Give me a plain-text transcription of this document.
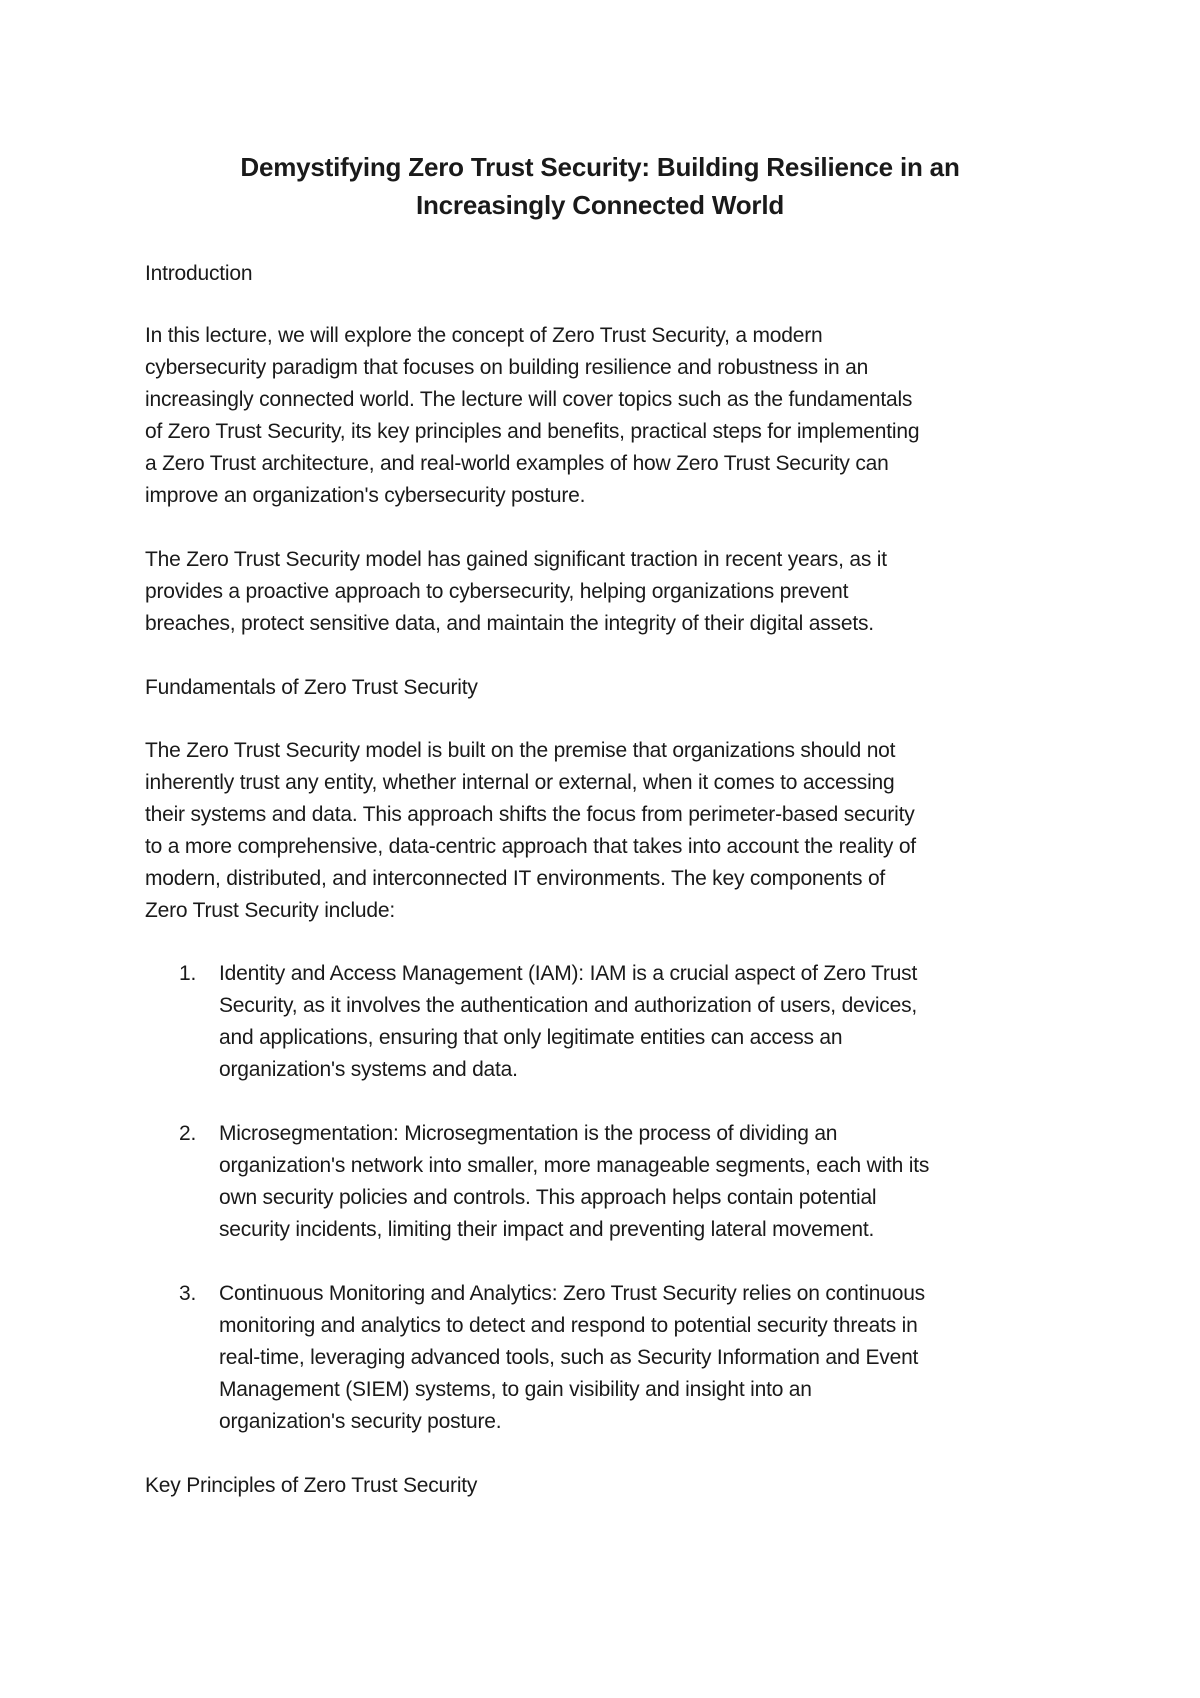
Demystifying Zero Trust Security: Building Resilience in an
Increasingly Connected World
Introduction
In this lecture, we will explore the concept of Zero Trust Security, a modern
cybersecurity paradigm that focuses on building resilience and robustness in an
increasingly connected world. The lecture will cover topics such as the fundamentals
of Zero Trust Security, its key principles and benefits, practical steps for implementing
a Zero Trust architecture, and real-world examples of how Zero Trust Security can
improve an organization's cybersecurity posture.
The Zero Trust Security model has gained significant traction in recent years, as it
provides a proactive approach to cybersecurity, helping organizations prevent
breaches, protect sensitive data, and maintain the integrity of their digital assets.
Fundamentals of Zero Trust Security
The Zero Trust Security model is built on the premise that organizations should not
inherently trust any entity, whether internal or external, when it comes to accessing
their systems and data. This approach shifts the focus from perimeter-based security
to a more comprehensive, data-centric approach that takes into account the reality of
modern, distributed, and interconnected IT environments. The key components of
Zero Trust Security include:
1. Identity and Access Management (IAM): IAM is a crucial aspect of Zero Trust
Security, as it involves the authentication and authorization of users, devices,
and applications, ensuring that only legitimate entities can access an
organization's systems and data.
2. Microsegmentation: Microsegmentation is the process of dividing an
organization's network into smaller, more manageable segments, each with its
own security policies and controls. This approach helps contain potential
security incidents, limiting their impact and preventing lateral movement.
3. Continuous Monitoring and Analytics: Zero Trust Security relies on continuous
monitoring and analytics to detect and respond to potential security threats in
real-time, leveraging advanced tools, such as Security Information and Event
Management (SIEM) systems, to gain visibility and insight into an
organization's security posture.
Key Principles of Zero Trust Security
